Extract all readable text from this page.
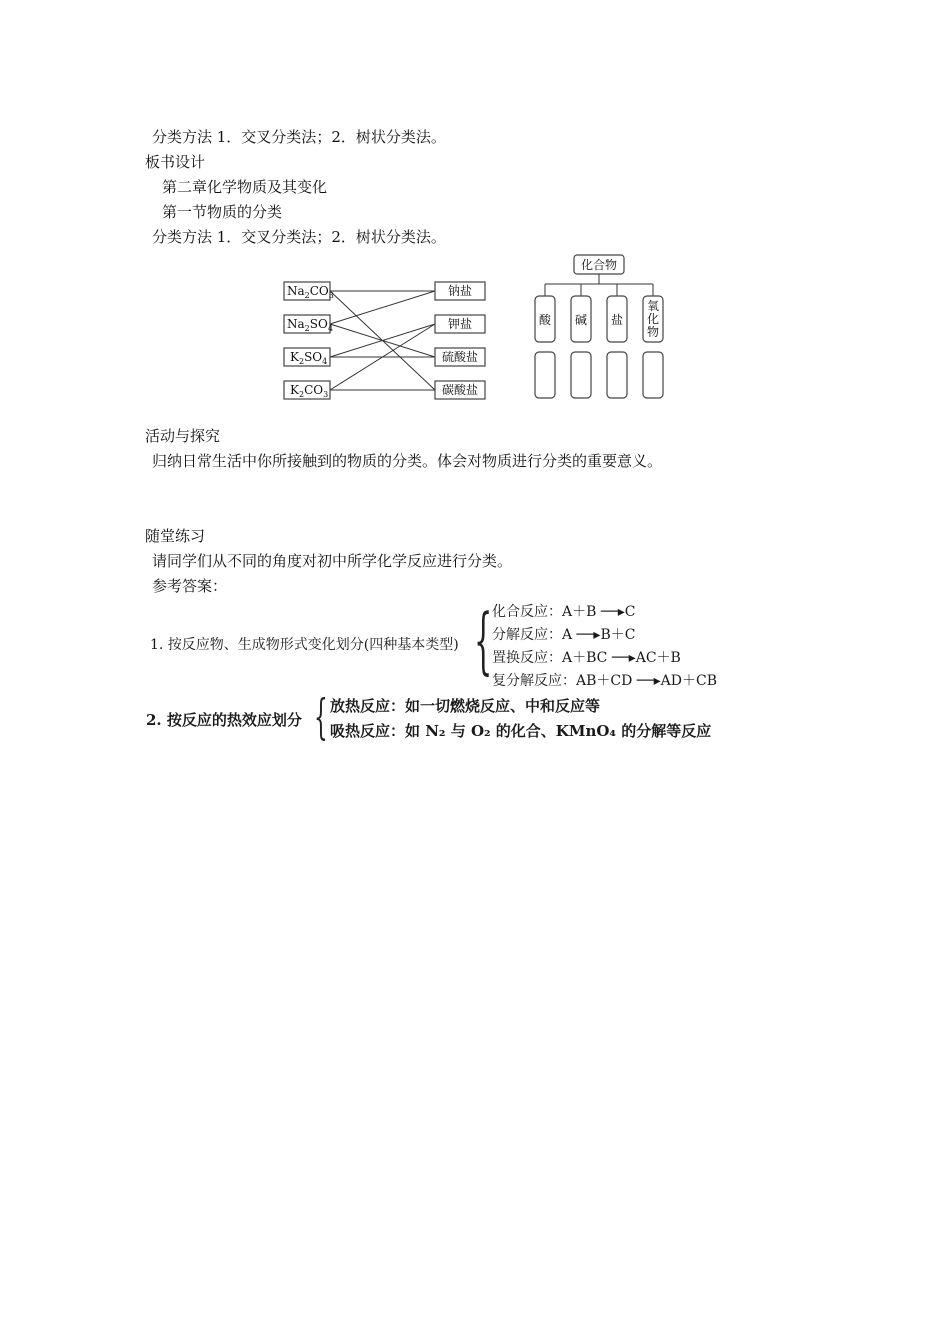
分类方法 1．交叉分类法；2．树状分类法。
板书设计
第二章化学物质及其变化
第一节物质的分类
分类方法 1．交叉分类法；2．树状分类法。
$Na_2CO_3$
$Na_2SO_4$
$K_2SO_4$
$K_2CO_3$
钠盐
钾盐
硫酸盐
碳酸盐
化合物
酸 碱 盐
氧化物
活动与探究
归纳日常生活中你所接触到的物质的分类。体会对物质进行分类的重要意义。
随堂练习
请同学们从不同的角度对初中所学化学反应进行分类。
参考答案：
1. 按反应物、生成物形式变化划分(四种基本类型) { 化合反应：A＋B ──▸C
分解反应：A ──▸B＋C
置换反应：A＋BC ──▸AC＋B
复分解反应：AB＋CD ──▸AD＋CB
2. 按反应的热效应划分 { 放热反应：如一切燃烧反应、中和反应等
吸热反应：如 N₂ 与 O₂ 的化合、KMnO₄ 的分解等反应
